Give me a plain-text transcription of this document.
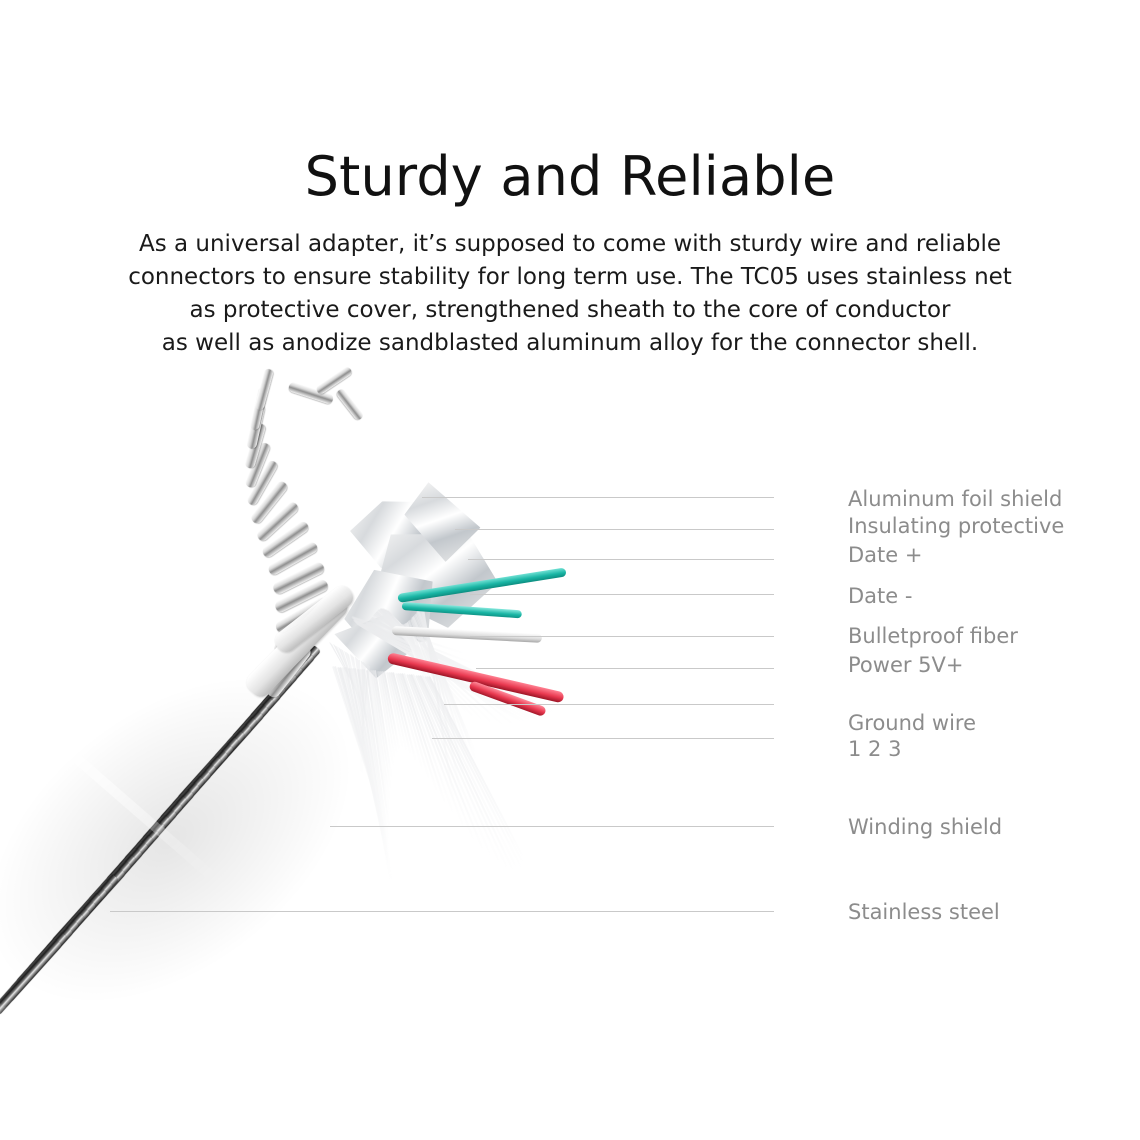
Sturdy and Reliable

As a universal adapter, it’s supposed to come with sturdy wire and reliable

connectors to ensure stability for long term use. The TC05 uses stainless net

as protective cover, strengthened sheath to the core of conductor

as well as anodize sandblasted aluminum alloy for the connector shell.

Aluminum foil shield
Insulating protective
Date +
Date -
Bulletproof fiber
Power 5V+
Ground wire
1 2 3
Winding shield
Stainless steel
